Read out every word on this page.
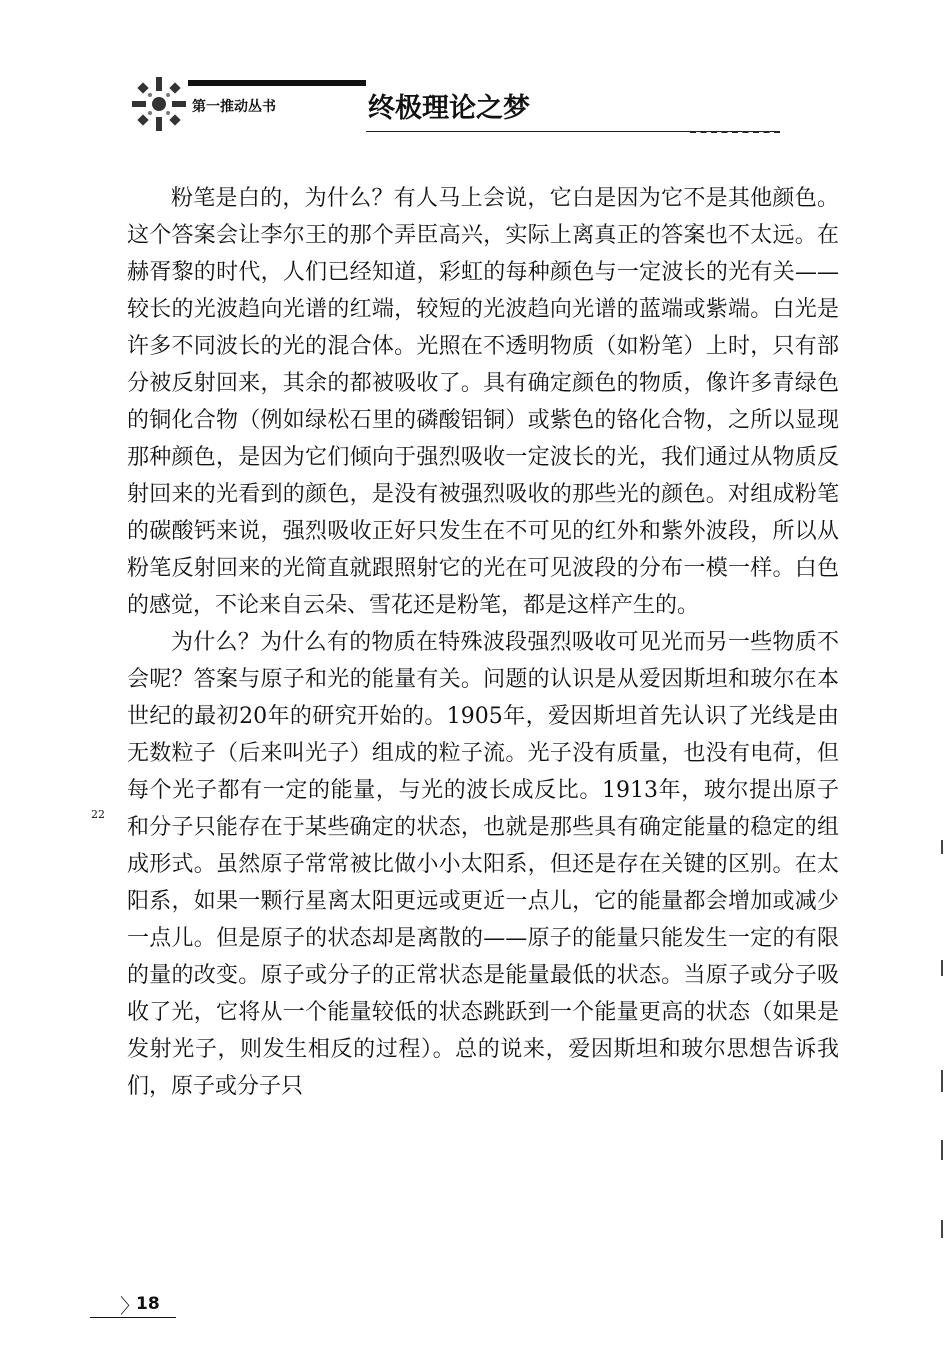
第一推动丛书	终极理论之梦

粉笔是白的，为什么？有人马上会说，它白是因为它不是其他颜色。这个答案会让李尔王的那个弄臣高兴，实际上离真正的答案也不太远。在赫胥黎的时代，人们已经知道，彩虹的每种颜色与一定波长的光有关——较长的光波趋向光谱的红端，较短的光波趋向光谱的蓝端或紫端。白光是许多不同波长的光的混合体。光照在不透明物质（如粉笔）上时，只有部分被反射回来，其余的都被吸收了。具有确定颜色的物质，像许多青绿色的铜化合物（例如绿松石里的磷酸铝铜）或紫色的铬化合物，之所以显现那种颜色，是因为它们倾向于强烈吸收一定波长的光，我们通过从物质反射回来的光看到的颜色，是没有被强烈吸收的那些光的颜色。对组成粉笔的碳酸钙来说，强烈吸收正好只发生在不可见的红外和紫外波段，所以从粉笔反射回来的光简直就跟照射它的光在可见波段的分布一模一样。白色的感觉，不论来自云朵、雪花还是粉笔，都是这样产生的。

为什么？为什么有的物质在特殊波段强烈吸收可见光而另一些物质不会呢？答案与原子和光的能量有关。问题的认识是从爱因斯坦和玻尔在本世纪的最初20年的研究开始的。1905年，爱因斯坦首先认识了光线是由无数粒子（后来叫光子）组成的粒子流。光子没有质量，也没有电荷，但每个光子都有一定的能量，与光的波长成反比。1913年，玻尔提出原子和分子只能存在于某些确定的状态，也就是那些具有确定能量的稳定的组成形式。虽然原子常常被比做小小太阳系，但还是存在关键的区别。在太阳系，如果一颗行星离太阳更远或更近一点儿，它的能量都会增加或减少一点儿。但是原子的状态却是离散的——原子的能量只能发生一定的有限的量的改变。原子或分子的正常状态是能量最低的状态。当原子或分子吸收了光，它将从一个能量较低的状态跳跃到一个能量更高的状态（如果是发射光子，则发生相反的过程）。总的说来，爱因斯坦和玻尔思想告诉我们，原子或分子只

22
〉
18
